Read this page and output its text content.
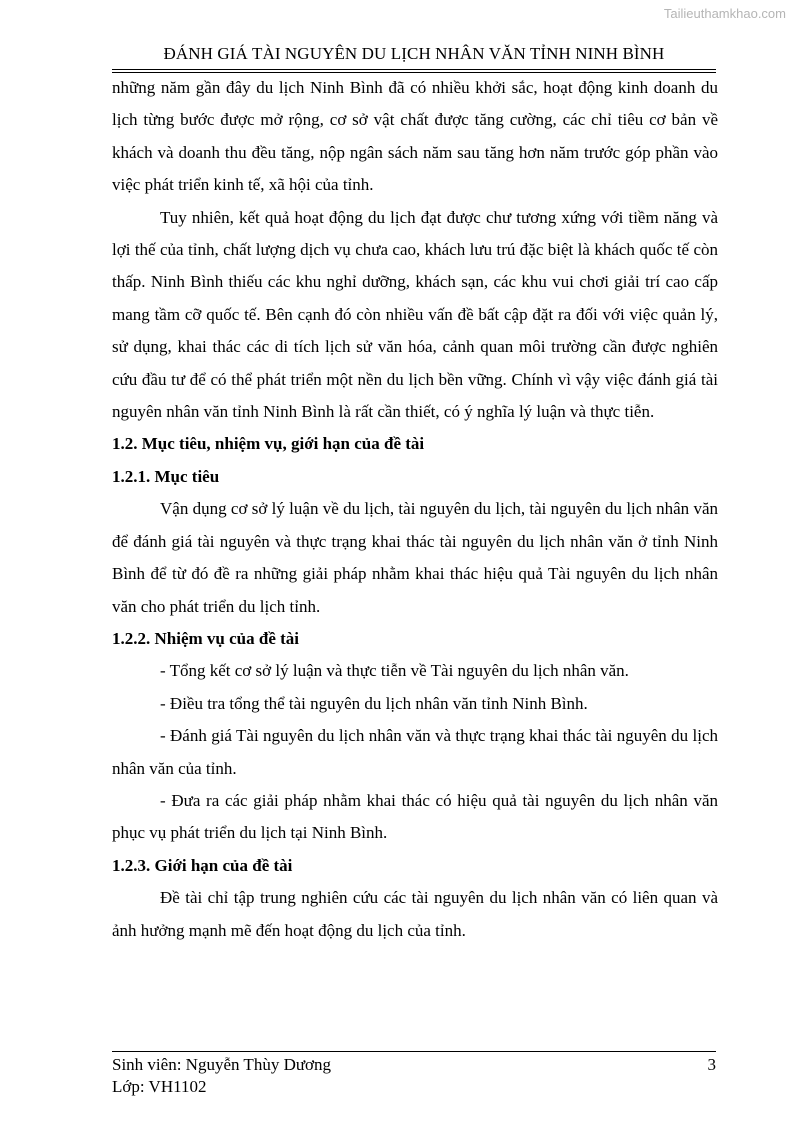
Tailieuthamkhao.com
ĐÁNH GIÁ TÀI NGUYÊN DU LỊCH NHÂN VĂN TỈNH NINH BÌNH

những năm gần đây du lịch Ninh Bình đã có nhiều khởi sắc, hoạt động kinh doanh du lịch từng bước được mở rộng, cơ sở vật chất được tăng cường, các chỉ tiêu cơ bản về khách và doanh thu đều tăng, nộp ngân sách năm sau tăng hơn năm trước góp phần vào việc phát triển kinh tế, xã hội của tỉnh.

Tuy nhiên, kết quả hoạt động du lịch đạt được chư tương xứng với tiềm năng và lợi thế của tỉnh, chất lượng dịch vụ chưa cao, khách lưu trú đặc biệt là khách quốc tế còn thấp. Ninh Bình thiếu các khu nghỉ dưỡng, khách sạn, các khu vui chơi giải trí cao cấp mang tầm cỡ quốc tế. Bên cạnh đó còn nhiều vấn đề bất cập đặt ra đối với việc quản lý, sử dụng, khai thác các di tích lịch sử văn hóa, cảnh quan môi trường cần được nghiên cứu đầu tư để có thể phát triển một nền du lịch bền vững. Chính vì vậy việc đánh giá tài nguyên nhân văn tỉnh Ninh Bình là rất cần thiết, có ý nghĩa lý luận và thực tiễn.

1.2. Mục tiêu, nhiệm vụ, giới hạn của đề tài

1.2.1. Mục tiêu

Vận dụng cơ sở lý luận về du lịch, tài nguyên du lịch, tài nguyên du lịch nhân văn để đánh giá tài nguyên và thực trạng khai thác tài nguyên du lịch nhân văn ở tỉnh Ninh Bình để từ đó đề ra những giải pháp nhằm khai thác hiệu quả Tài nguyên du lịch nhân văn cho phát triển du lịch tỉnh.

1.2.2. Nhiệm vụ của đề tài

- Tổng kết cơ sở lý luận và thực tiễn về Tài nguyên du lịch nhân văn.

- Điều tra tổng thể tài nguyên du lịch nhân văn tỉnh Ninh Bình.

- Đánh giá Tài nguyên du lịch nhân văn và thực trạng khai thác tài nguyên du lịch nhân văn của tỉnh.

- Đưa ra các giải pháp nhằm khai thác có hiệu quả tài nguyên du lịch nhân văn phục vụ phát triển du lịch tại Ninh Bình.

1.2.3. Giới hạn của đề tài

Đề tài chỉ tập trung nghiên cứu các tài nguyên du lịch nhân văn có liên quan và ảnh hưởng mạnh mẽ đến hoạt động du lịch của tỉnh.

Sinh viên: Nguyễn Thùy Dương	3
Lớp: VH1102
